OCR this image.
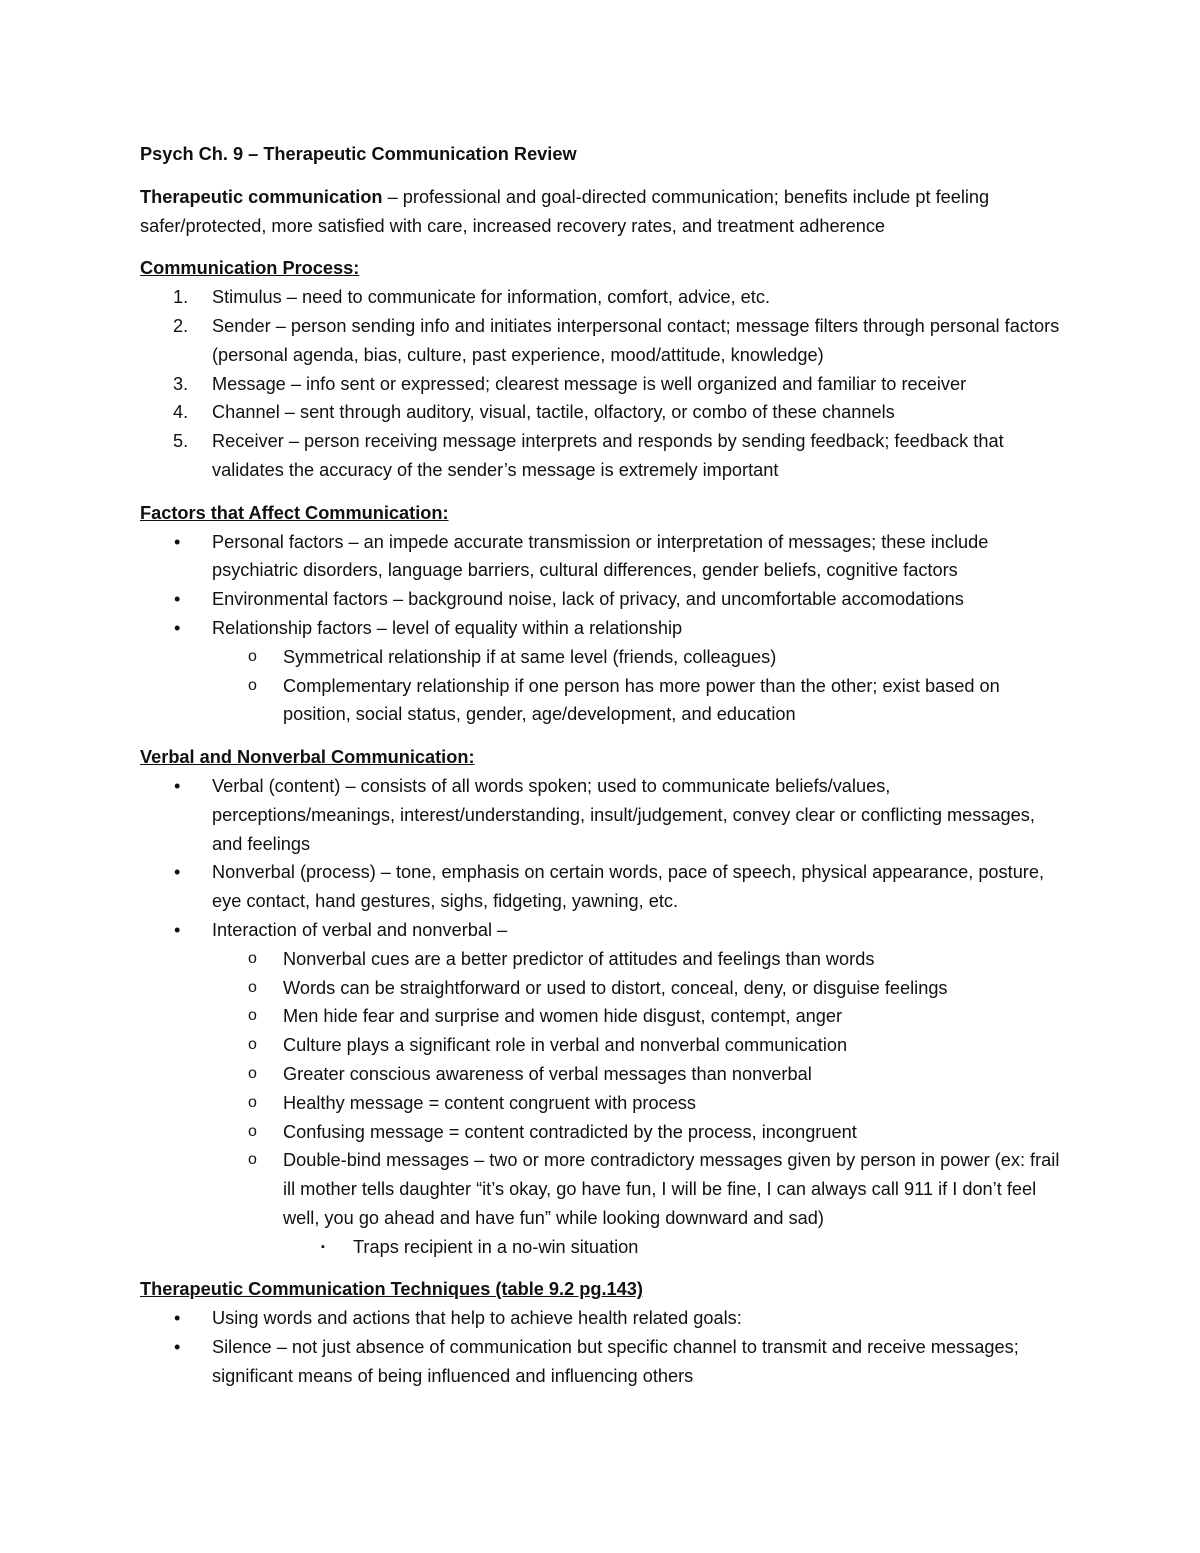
Psych Ch. 9 – Therapeutic Communication Review

Therapeutic communication – professional and goal-directed communication; benefits include pt feeling safer/protected, more satisfied with care, increased recovery rates, and treatment adherence

Communication Process:

1. Stimulus – need to communicate for information, comfort, advice, etc.
2. Sender – person sending info and initiates interpersonal contact; message filters through personal factors (personal agenda, bias, culture, past experience, mood/attitude, knowledge)
3. Message – info sent or expressed; clearest message is well organized and familiar to receiver
4. Channel – sent through auditory, visual, tactile, olfactory, or combo of these channels
5. Receiver – person receiving message interprets and responds by sending feedback; feedback that validates the accuracy of the sender’s message is extremely important

Factors that Affect Communication:

• Personal factors – an impede accurate transmission or interpretation of messages; these include psychiatric disorders, language barriers, cultural differences, gender beliefs, cognitive factors
• Environmental factors – background noise, lack of privacy, and uncomfortable accomodations
• Relationship factors – level of equality within a relationship
o Symmetrical relationship if at same level (friends, colleagues)
o Complementary relationship if one person has more power than the other; exist based on position, social status, gender, age/development, and education

Verbal and Nonverbal Communication:

• Verbal (content) – consists of all words spoken; used to communicate beliefs/values, perceptions/meanings, interest/understanding, insult/judgement, convey clear or conflicting messages, and feelings
• Nonverbal (process) – tone, emphasis on certain words, pace of speech, physical appearance, posture, eye contact, hand gestures, sighs, fidgeting, yawning, etc.
• Interaction of verbal and nonverbal –
o Nonverbal cues are a better predictor of attitudes and feelings than words
o Words can be straightforward or used to distort, conceal, deny, or disguise feelings
o Men hide fear and surprise and women hide disgust, contempt, anger
o Culture plays a significant role in verbal and nonverbal communication
o Greater conscious awareness of verbal messages than nonverbal
o Healthy message = content congruent with process
o Confusing message = content contradicted by the process, incongruent
o Double-bind messages – two or more contradictory messages given by person in power (ex: frail ill mother tells daughter “it’s okay, go have fun, I will be fine, I can always call 911 if I don’t feel well, you go ahead and have fun” while looking downward and sad)
▪ Traps recipient in a no-win situation

Therapeutic Communication Techniques (table 9.2 pg.143)

• Using words and actions that help to achieve health related goals:
• Silence – not just absence of communication but specific channel to transmit and receive messages; significant means of being influenced and influencing others
